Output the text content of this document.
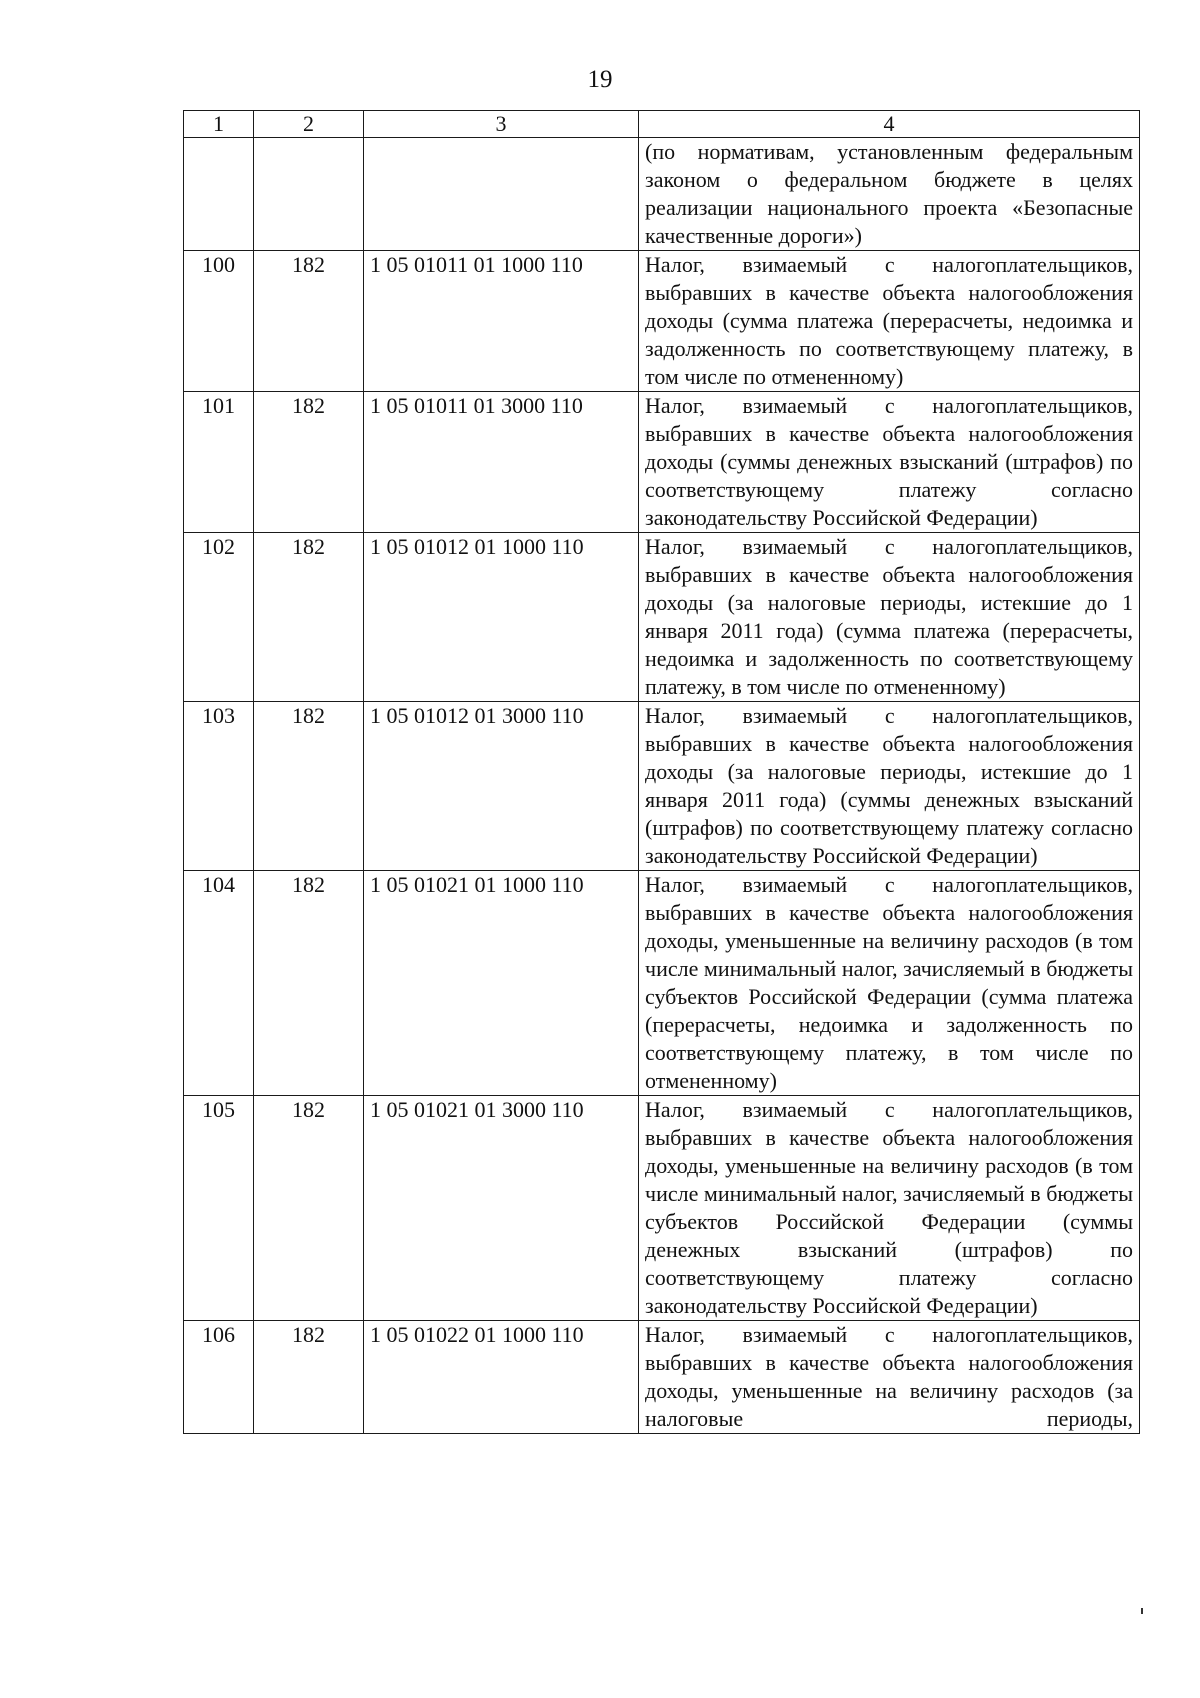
19
1	2	3	4
			(по нормативам, установленным федеральным законом о федеральном бюджете в целях реализации национального проекта «Безопасные качественные дороги»)
100	182	1 05 01011 01 1000 110	Налог, взимаемый с налогоплательщиков, выбравших в качестве объекта налогообложения доходы (сумма платежа (перерасчеты, недоимка и задолженность по соответствующему платежу, в том числе по отмененному)
101	182	1 05 01011 01 3000 110	Налог, взимаемый с налогоплательщиков, выбравших в качестве объекта налогообложения доходы (суммы денежных взысканий (штрафов) по соответствующему платежу согласно законодательству Российской Федерации)
102	182	1 05 01012 01 1000 110	Налог, взимаемый с налогоплательщиков, выбравших в качестве объекта налогообложения доходы (за налоговые периоды, истекшие до 1 января 2011 года) (сумма платежа (перерасчеты, недоимка и задолженность по соответствующему платежу, в том числе по отмененному)
103	182	1 05 01012 01 3000 110	Налог, взимаемый с налогоплательщиков, выбравших в качестве объекта налогообложения доходы (за налоговые периоды, истекшие до 1 января 2011 года) (суммы денежных взысканий (штрафов) по соответствующему платежу согласно законодательству Российской Федерации)
104	182	1 05 01021 01 1000 110	Налог, взимаемый с налогоплательщиков, выбравших в качестве объекта налогообложения доходы, уменьшенные на величину расходов (в том числе минимальный налог, зачисляемый в бюджеты субъектов Российской Федерации (сумма платежа (перерасчеты, недоимка и задолженность по соответствующему платежу, в том числе по отмененному)
105	182	1 05 01021 01 3000 110	Налог, взимаемый с налогоплательщиков, выбравших в качестве объекта налогообложения доходы, уменьшенные на величину расходов (в том числе минимальный налог, зачисляемый в бюджеты субъектов Российской Федерации (суммы денежных взысканий (штрафов) по соответствующему платежу согласно законодательству Российской Федерации)
106	182	1 05 01022 01 1000 110	Налог, взимаемый с налогоплательщиков, выбравших в качестве объекта налогообложения доходы, уменьшенные на величину расходов (за налоговые периоды,
